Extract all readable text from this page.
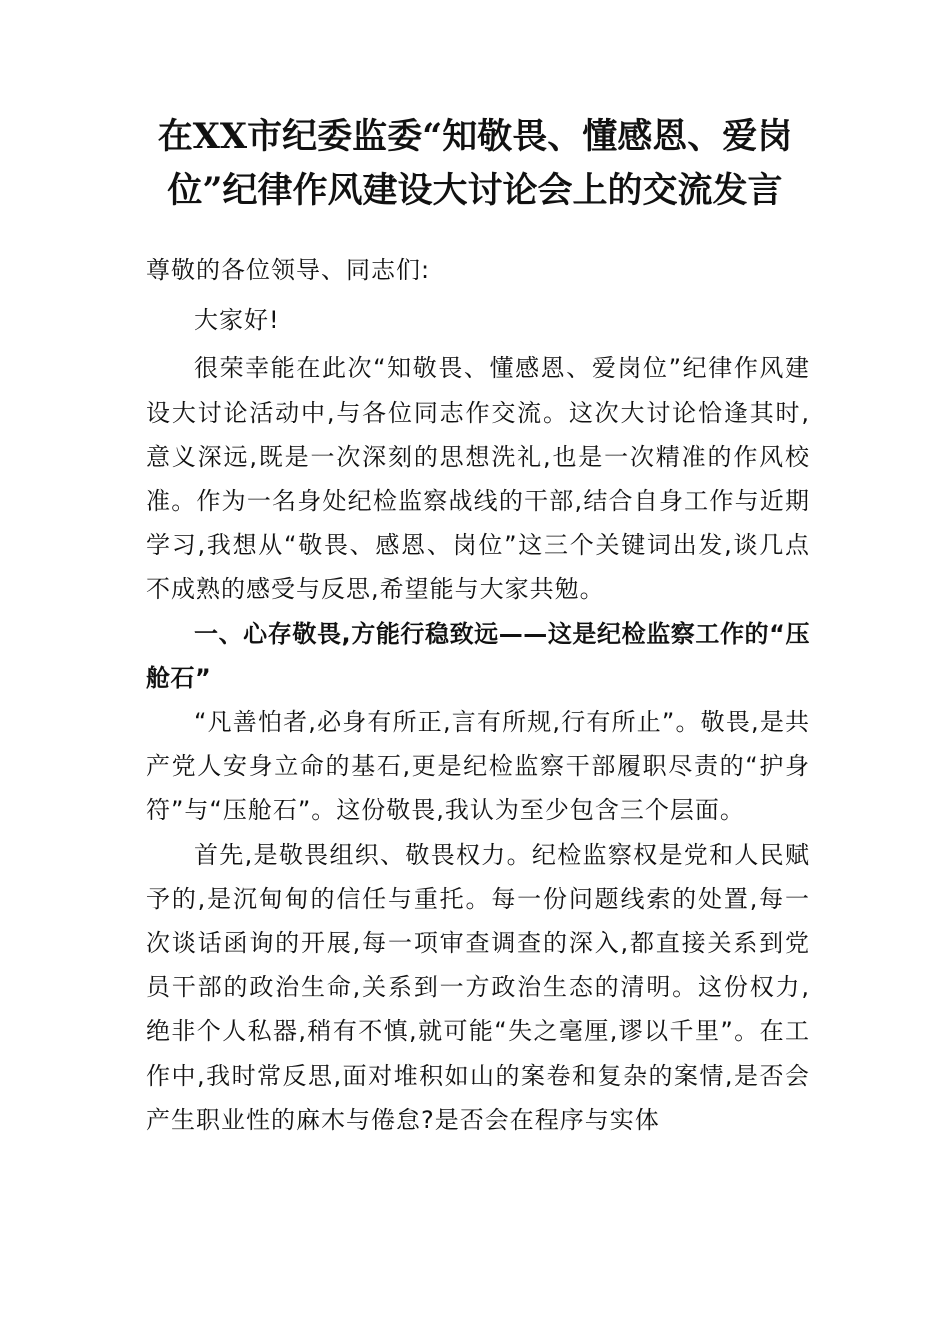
在XX市纪委监委“知敬畏、懂感恩、爱岗位”纪律作风建设大讨论会上的交流发言

尊敬的各位领导、同志们:

大家好!

很荣幸能在此次“知敬畏、懂感恩、爱岗位”纪律作风建设大讨论活动中,与各位同志作交流。这次大讨论恰逢其时,意义深远,既是一次深刻的思想洗礼,也是一次精准的作风校准。作为一名身处纪检监察战线的干部,结合自身工作与近期学习,我想从“敬畏、感恩、岗位”这三个关键词出发,谈几点不成熟的感受与反思,希望能与大家共勉。

一、心存敬畏,方能行稳致远——这是纪检监察工作的“压舱石”

“凡善怕者,必身有所正,言有所规,行有所止”。敬畏,是共产党人安身立命的基石,更是纪检监察干部履职尽责的“护身符”与“压舱石”。这份敬畏,我认为至少包含三个层面。

首先,是敬畏组织、敬畏权力。纪检监察权是党和人民赋予的,是沉甸甸的信任与重托。每一份问题线索的处置,每一次谈话函询的开展,每一项审查调查的深入,都直接关系到党员干部的政治生命,关系到一方政治生态的清明。这份权力,绝非个人私器,稍有不慎,就可能“失之毫厘,谬以千里”。在工作中,我时常反思,面对堆积如山的案卷和复杂的案情,是否会产生职业性的麻木与倦怠?是否会在程序与实体
